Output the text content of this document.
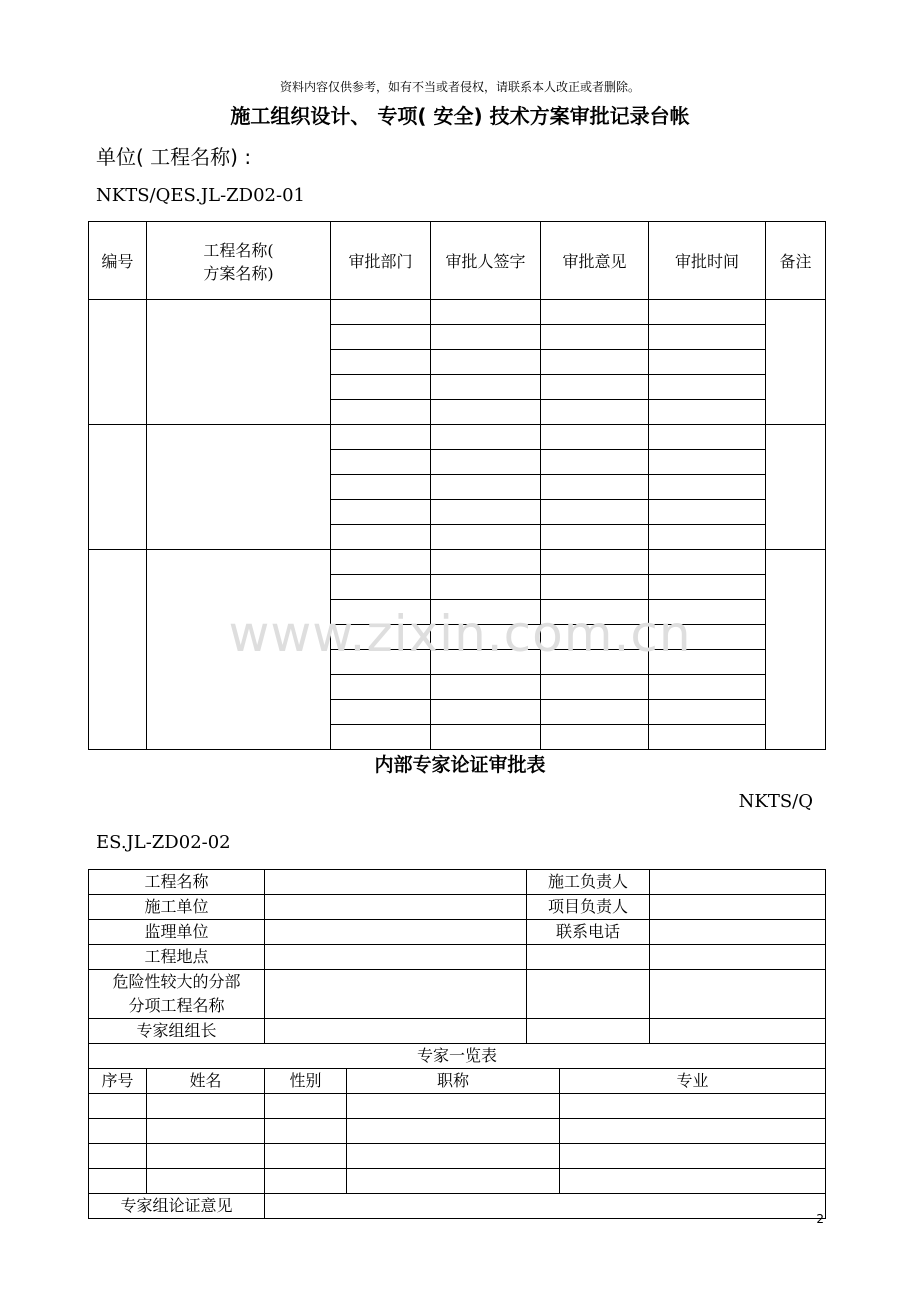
资料内容仅供参考，如有不当或者侵权，请联系本人改正或者删除。
施工组织设计、 专项( 安全) 技术方案审批记录台帐
单位( 工程名称) :
NKTS/QES.JL-ZD02-01
编号	工程名称(
方案名称)	审批部门	审批人签字	审批意见	审批时间	备注

www.zixin.com.cn
内部专家论证审批表
NKTS/Q
ES.JL-ZD02-02
工程名称				施工负责人		
施工单位				项目负责人		
监理单位				联系电话		
工程地点						

危险性较大的分部
分项工程名称						

专家组组长						
专家一览表						
序号	姓名	性别	职称		专业	

专家组论证意见						
2
